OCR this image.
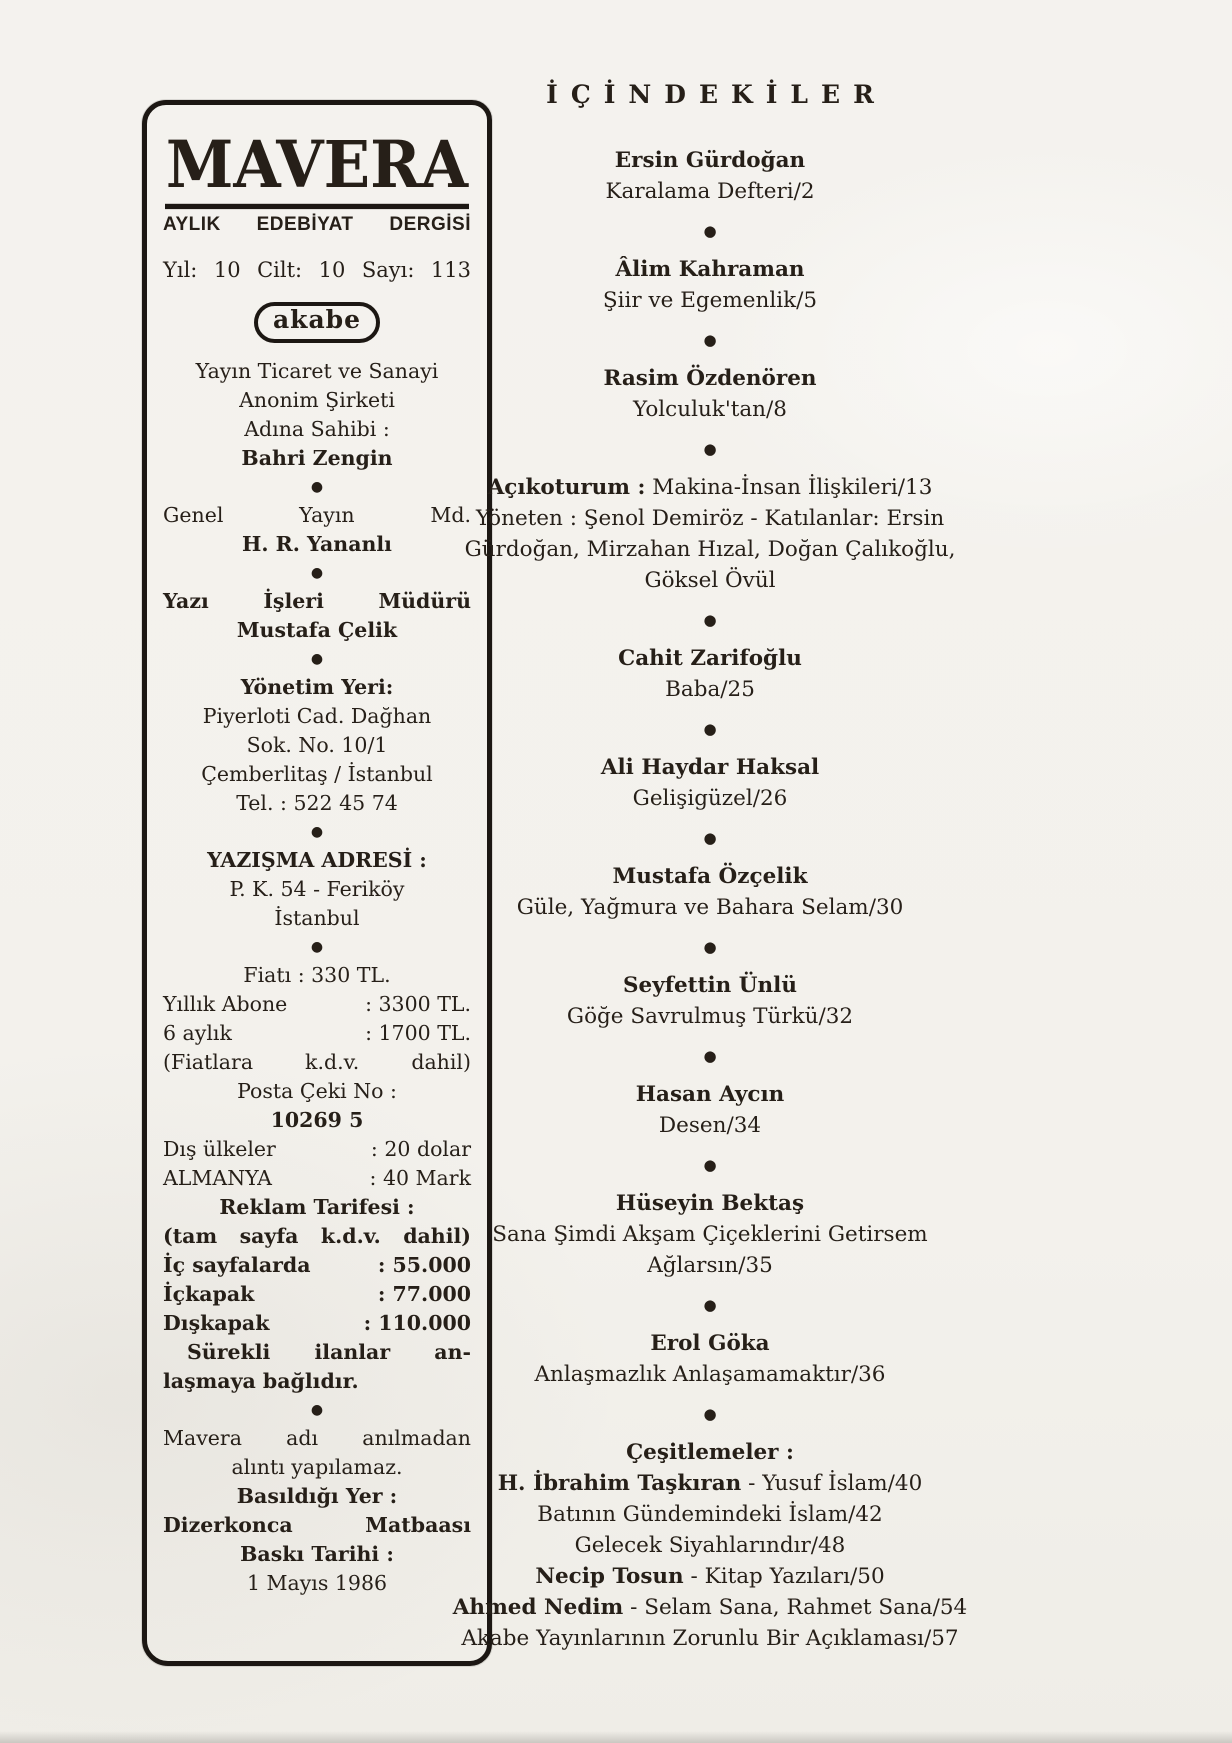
MAVERA
AYLIK EDEBİYAT DERGİSİ
Yıl: 10 Cilt: 10 Sayı: 113
akabe
Yayın Ticaret ve Sanayi
Anonim Şirketi
Adına Sahibi :
Bahri Zengin
●
Genel Yayın Md.
H. R. Yananlı
●
Yazı İşleri Müdürü
Mustafa Çelik
●
Yönetim Yeri:
Piyerloti Cad. Dağhan
Sok. No. 10/1
Çemberlitaş / İstanbul
Tel. : 522 45 74
●
YAZIŞMA ADRESİ :
P. K. 54 - Feriköy
İstanbul
●
Fiatı : 330 TL.
Yıllık Abone	: 3300 TL.
6 aylık	: 1700 TL.
(Fiatlara k.d.v. dahil)
Posta Çeki No :
10269 5
Dış ülkeler	: 20 dolar
ALMANYA	: 40 Mark
Reklam Tarifesi :
(tam sayfa k.d.v. dahil)
İç sayfalarda	: 55.000
İçkapak	: 77.000
Dışkapak	: 110.000
Sürekli ilanlar an-
laşmaya bağlıdır.
●
Mavera adı anılmadan
alıntı yapılamaz.
Basıldığı Yer :
Dizerkonca Matbaası
Baskı Tarihi :
1 Mayıs 1986
İÇİNDEKİLER
Ersin Gürdoğan
Karalama Defteri/2
●
Âlim Kahraman
Şiir ve Egemenlik/5
●
Rasim Özdenören
Yolculuk'tan/8
●
Açıkoturum : Makina-İnsan İlişkileri/13
Yöneten : Şenol Demiröz - Katılanlar: Ersin
Gürdoğan, Mirzahan Hızal, Doğan Çalıkoğlu,
Göksel Övül
●
Cahit Zarifoğlu
Baba/25
●
Ali Haydar Haksal
Gelişigüzel/26
●
Mustafa Özçelik
Güle, Yağmura ve Bahara Selam/30
●
Seyfettin Ünlü
Göğe Savrulmuş Türkü/32
●
Hasan Aycın
Desen/34
●
Hüseyin Bektaş
Sana Şimdi Akşam Çiçeklerini Getirsem
Ağlarsın/35
●
Erol Göka
Anlaşmazlık Anlaşamamaktır/36
●
Çeşitlemeler :
H. İbrahim Taşkıran - Yusuf İslam/40
Batının Gündemindeki İslam/42
Gelecek Siyahlarındır/48
Necip Tosun - Kitap Yazıları/50
Ahmed Nedim - Selam Sana, Rahmet Sana/54
Akabe Yayınlarının Zorunlu Bir Açıklaması/57
